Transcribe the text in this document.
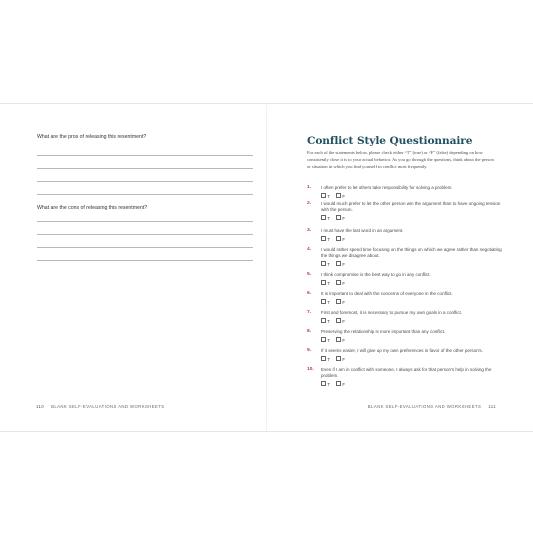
What are the pros of releasing this resentment?
What are the cons of releasing this resentment?
110 BLANK SELF-EVALUATIONS AND WORKSHEETS
Conflict Style Questionnaire
For each of the statements below, please check either “T” (true) or “F” (false) depending on how consistently close it is to your actual behavior. As you go through the questions, think about the person or situation in which you find yourself in conflict most frequently.
1. I often prefer to let others take responsibility for solving a problem.
T	F
2. I would much prefer to let the other person win the argument than to have ongoing tension with the person.
T	F
3. I must have the last word in an argument.
T	F
4. I would rather spend time focusing on the things on which we agree rather than negotiating the things we disagree about.
T	F
5. I think compromise is the best way to go in any conflict.
T	F
6. It is important to deal with the concerns of everyone in the conflict.
T	F
7. First and foremost, it is necessary to pursue my own goals in a conflict.
T	F
8. Preserving the relationship is more important than any conflict.
T	F
9. If it seems easier, I will give up my own preferences in favor of the other person's.
T	F
10. Even if I am in conflict with someone, I always ask for that person's help in solving the problem.
T	F
BLANK SELF-EVALUATIONS AND WORKSHEETS 111
